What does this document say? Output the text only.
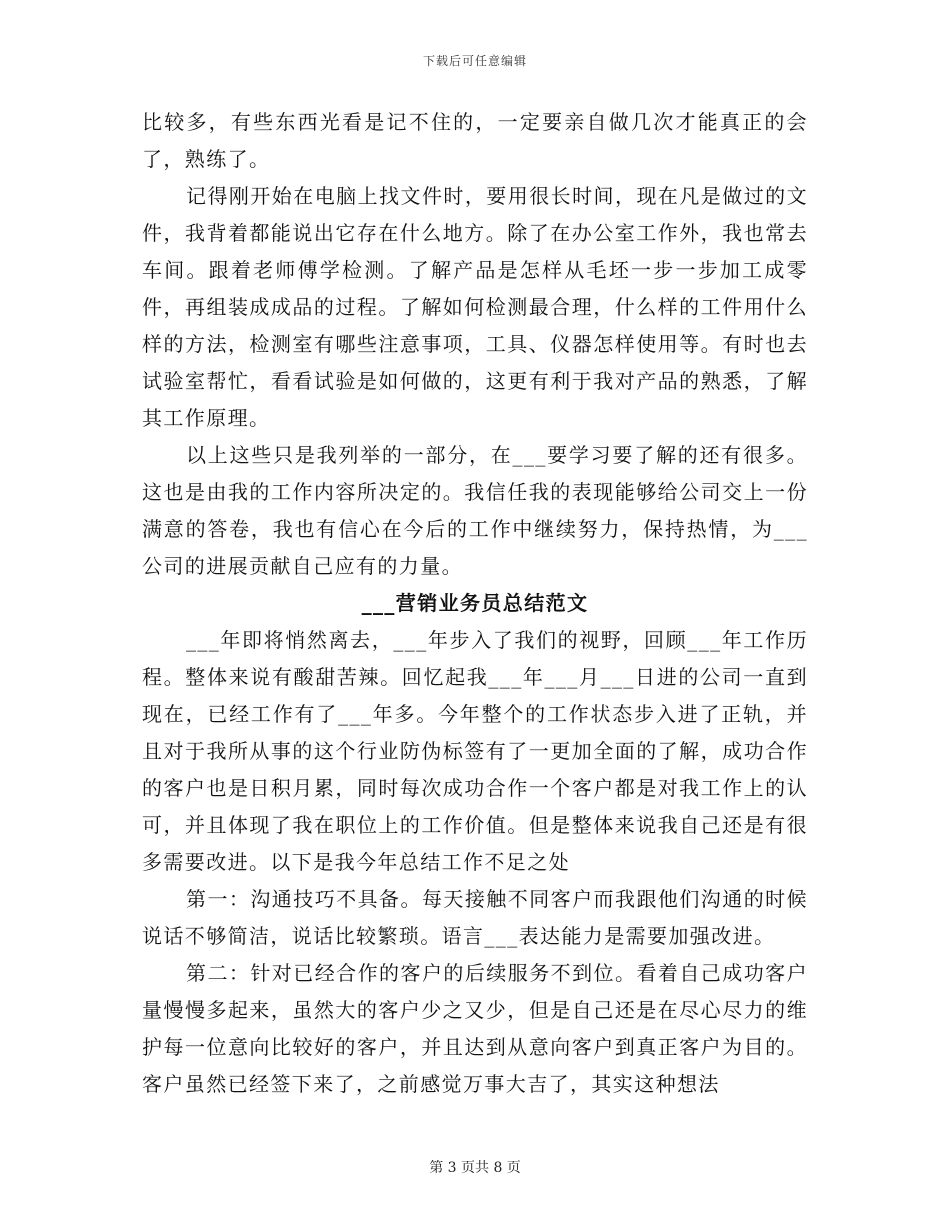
下载后可任意编辑

比较多，有些东西光看是记不住的，一定要亲自做几次才能真正的会了，熟练了。

记得刚开始在电脑上找文件时，要用很长时间，现在凡是做过的文件，我背着都能说出它存在什么地方。除了在办公室工作外，我也常去车间。跟着老师傅学检测。了解产品是怎样从毛坯一步一步加工成零件，再组装成成品的过程。了解如何检测最合理，什么样的工件用什么样的方法，检测室有哪些注意事项，工具、仪器怎样使用等。有时也去试验室帮忙，看看试验是如何做的，这更有利于我对产品的熟悉，了解其工作原理。

以上这些只是我列举的一部分，在___要学习要了解的还有很多。这也是由我的工作内容所决定的。我信任我的表现能够给公司交上一份满意的答卷，我也有信心在今后的工作中继续努力，保持热情，为___公司的进展贡献自己应有的力量。

___营销业务员总结范文

___年即将悄然离去，___年步入了我们的视野，回顾___年工作历程。整体来说有酸甜苦辣。回忆起我___年___月___日进的公司一直到现在，已经工作有了___年多。今年整个的工作状态步入进了正轨，并且对于我所从事的这个行业防伪标签有了一更加全面的了解，成功合作的客户也是日积月累，同时每次成功合作一个客户都是对我工作上的认可，并且体现了我在职位上的工作价值。但是整体来说我自己还是有很多需要改进。以下是我今年总结工作不足之处

第一：沟通技巧不具备。每天接触不同客户而我跟他们沟通的时候说话不够简洁，说话比较繁琐。语言___表达能力是需要加强改进。

第二：针对已经合作的客户的后续服务不到位。看着自己成功客户量慢慢多起来，虽然大的客户少之又少，但是自己还是在尽心尽力的维护每一位意向比较好的客户，并且达到从意向客户到真正客户为目的。客户虽然已经签下来了，之前感觉万事大吉了，其实这种想法

第 3 页共 8 页
